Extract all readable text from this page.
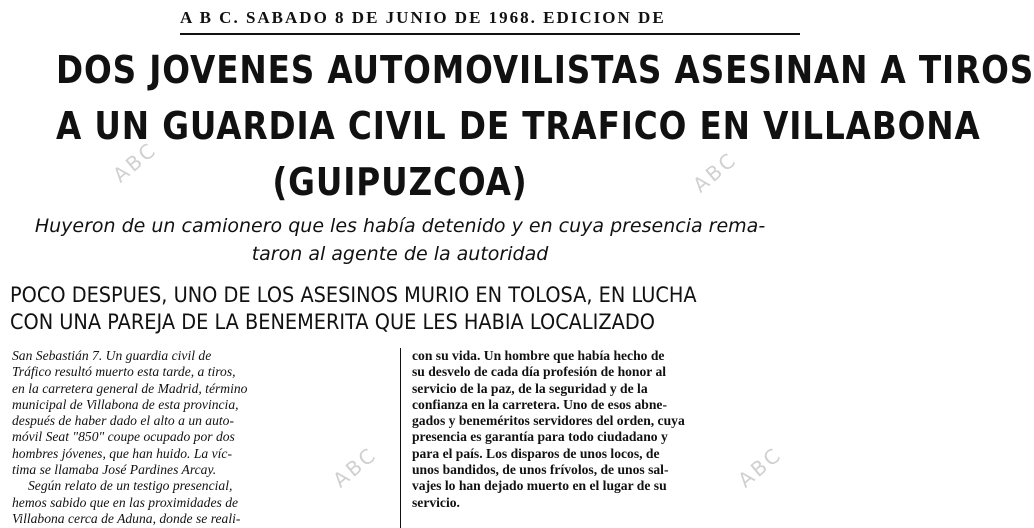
A B C. SABADO 8 DE JUNIO DE 1968. EDICION DE
DOS JOVENES AUTOMOVILISTAS ASESINAN A TIROS
A UN GUARDIA CIVIL DE TRAFICO EN VILLABONA
(GUIPUZCOA)
Huyeron de un camionero que les había detenido y en cuya presencia rema-
taron al agente de la autoridad
POCO DESPUES, UNO DE LOS ASESINOS MURIO EN TOLOSA, EN LUCHA
CON UNA PAREJA DE LA BENEMERITA QUE LES HABIA LOCALIZADO
San Sebastián 7. Un guardia civil de
Tráfico resultó muerto esta tarde, a tiros,
en la carretera general de Madrid, término
municipal de Villabona de esta provincia,
después de haber dado el alto a un auto-
móvil Seat "850" coupe ocupado por dos
hombres jóvenes, que han huido. La víc-
tima se llamaba José Pardines Arcay.
Según relato de un testigo presencial,
hemos sabido que en las proximidades de
Villabona cerca de Aduna, donde se reali-
con su vida. Un hombre que había hecho de
su desvelo de cada día profesión de honor al
servicio de la paz, de la seguridad y de la
confianza en la carretera. Uno de esos abne-
gados y beneméritos servidores del orden, cuya
presencia es garantía para todo ciudadano y
para el país. Los disparos de unos locos, de
unos bandidos, de unos frívolos, de unos sal-
vajes lo han dejado muerto en el lugar de su
servicio.
ABC	ABC
ABC	ABC
